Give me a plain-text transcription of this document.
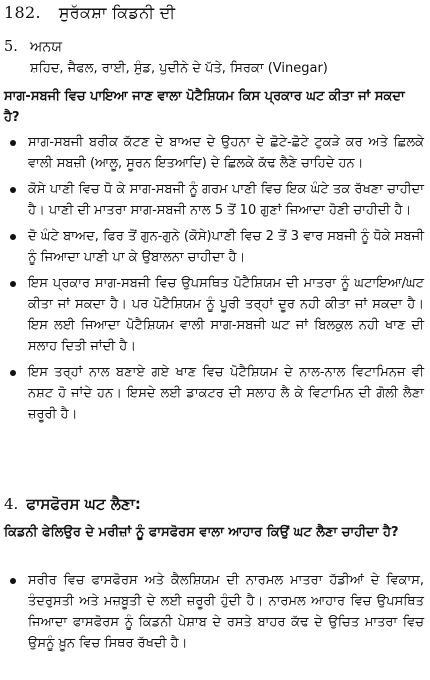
182. ਸੁਰੱਕਸ਼ਾ ਕਿਡਨੀ ਦੀ
5. ਅਨਯ
ਸ਼ਹਿਦ, ਜੈਫਲ, ਰਾਈ, ਸੁੰਡ, ਪੁਦੀਨੇ ਦੇ ਪੱਤੇ, ਸਿਰਕਾ (Vinegar)
ਸਾਗ-ਸਬਜੀ ਵਿਚ ਪਾਇਆ ਜਾਣ ਵਾਲਾ ਪੋਟੈਸ਼ਿਯਮ ਕਿਸ ਪ੍ਰਕਾਰ ਘਟ ਕੀਤਾ ਜਾਂ ਸਕਦਾ ਹੈ?
ਸਾਗ-ਸਬਜੀ ਬਰੀਕ ਕੱਟਣ ਦੇ ਬਾਅਦ ਦੇ ਉਹਨਾ ਦੇ ਛੋਟੇ-ਛੋਟੇ ਟੁਕੜੇ ਕਰ ਅਤੇ ਛਿਲਕੇ ਵਾਲੀ ਸਬਜ਼ੀ (ਆਲੂ, ਸੂਰਨ ਇਤਆਦਿ) ਦੇ ਛਿਲਕੇ ਕੱਢ ਲੈਣੇ ਚਾਹਿਦੇ ਹਨ।
ਕੋਸੇ ਪਾਣੀ ਵਿਚ ਧੋ ਕੇ ਸਾਗ-ਸਬਜੀ ਨੂੰ ਗਰਮ ਪਾਣੀ ਵਿਚ ਇਕ ਘੰਟੇ ਤਕ ਰੱਖਣਾ ਚਾਹੀਦਾ ਹੈ। ਪਾਣੀ ਦੀ ਮਾਤਰਾ ਸਾਗ-ਸਬਜੀ ਨਾਲ 5 ਤੋਂ 10 ਗੁਣਾਂ ਜਿਆਦਾ ਹੋਣੀ ਚਾਹੀਦੀ ਹੈ।
ਦੋ ਘੰਟੇ ਬਾਅਦ, ਫਿਰ ਤੋਂ ਗੁਨ-ਗੁਨੇ (ਕੋਸੇ)ਪਾਣੀ ਵਿਚ 2 ਤੋਂ 3 ਵਾਰ ਸਬਜੀ ਨੂੰ ਧੋਕੇ ਸਬਜੀ ਨੂੰ ਜਿਆਦਾ ਪਾਣੀ ਪਾ ਕੇ ਉਬਾਲਨਾ ਚਾਹੀਦਾ ਹੈ।
ਇਸ ਪ੍ਰਕਾਰ ਸਾਗ-ਸਬਜੀ ਵਿਚ ਉਪਸਥਿਤ ਪੋਟੈਸ਼ਿਯਮ ਦੀ ਮਾਤਰਾ ਨੂੰ ਘਟਾਇਆ/ਘਟ ਕੀਤਾ ਜਾਂ ਸਕਦਾ ਹੈ। ਪਰ ਪੋਟੈਸ਼ਿਯਮ ਨੂੰ ਪੂਰੀ ਤਰ੍ਹਾਂ ਦੂਰ ਨਹੀ ਕੀਤਾ ਜਾਂ ਸਕਦਾ ਹੈ।ਇਸ ਲਈ ਜਿਆਦਾ ਪੋਟੈਸ਼ਿਯਮ ਵਾਲੀ ਸਾਗ-ਸਬਜੀ ਘਟ ਜਾਂ ਬਿਲਕੁਲ ਨਹੀ ਖਾਣ ਦੀ ਸਲਾਹ ਦਿਤੀ ਜਾਂਦੀ ਹੈ।
ਇਸ ਤਰ੍ਹਾਂ ਨਾਲ ਬਣਾਏ ਗਏ ਖਾਣ ਵਿਚ ਪੋਟੈਸ਼ਿਯਮ ਦੇ ਨਾਲ-ਨਾਲ ਵਿਟਾਮਿਨਜ ਵੀ ਨਸ਼ਟ ਹੋ ਜਾਂਦੇ ਹਨ। ਇਸਦੇ ਲਈ ਡਾਕਟਰ ਦੀ ਸਲਾਹ ਲੈ ਕੇ ਵਿਟਾਮਿਨ ਦੀ ਗੋਲੀ ਲੈਣਾ ਜ਼ਰੂਰੀ ਹੈ।
4. ਫਾਸਫੋਰਸ ਘਟ ਲੈਣਾ:
ਕਿਡਨੀ ਫੇਲਿਉਰ ਦੇ ਮਰੀਜ਼ਾਂ ਨੂੰ ਫਾਸਫੋਰਸ ਵਾਲਾ ਆਹਾਰ ਕਿਉਂ ਘਟ ਲੈਣਾ ਚਾਹੀਦਾ ਹੈ?
ਸਰੀਰ ਵਿਚ ਫਾਸਫੋਰਸ ਅਤੇ ਕੈਲਸ਼ਿਯਮ ਦੀ ਨਾਰਮਲ ਮਾਤਰਾ ਹੱਡੀਆਂ ਦੇ ਵਿਕਾਸ, ਤੰਦਰੁਸਤੀ ਅਤੇ ਮਜ਼ਬੂਤੀ ਦੇ ਲਈ ਜ਼ਰੂਰੀ ਹੁੰਦੀ ਹੈ। ਨਾਰਮਲ ਆਹਾਰ ਵਿਚ ਉਪਸਥਿਤ ਜਿਆਦਾ ਫਾਸਫੋਰਸ ਨੂੰ ਕਿਡਨੀ ਪੇਸ਼ਾਬ ਦੇ ਰਸਤੇ ਬਾਹਰ ਕੱਢ ਦੇ ਉਚਿਤ ਮਾਤਰਾ ਵਿਚ ਉਸਨੂੰ ਖ਼ੂਨ ਵਿਚ ਸਿਥਰ ਰੱਖਦੀ ਹੈ।
